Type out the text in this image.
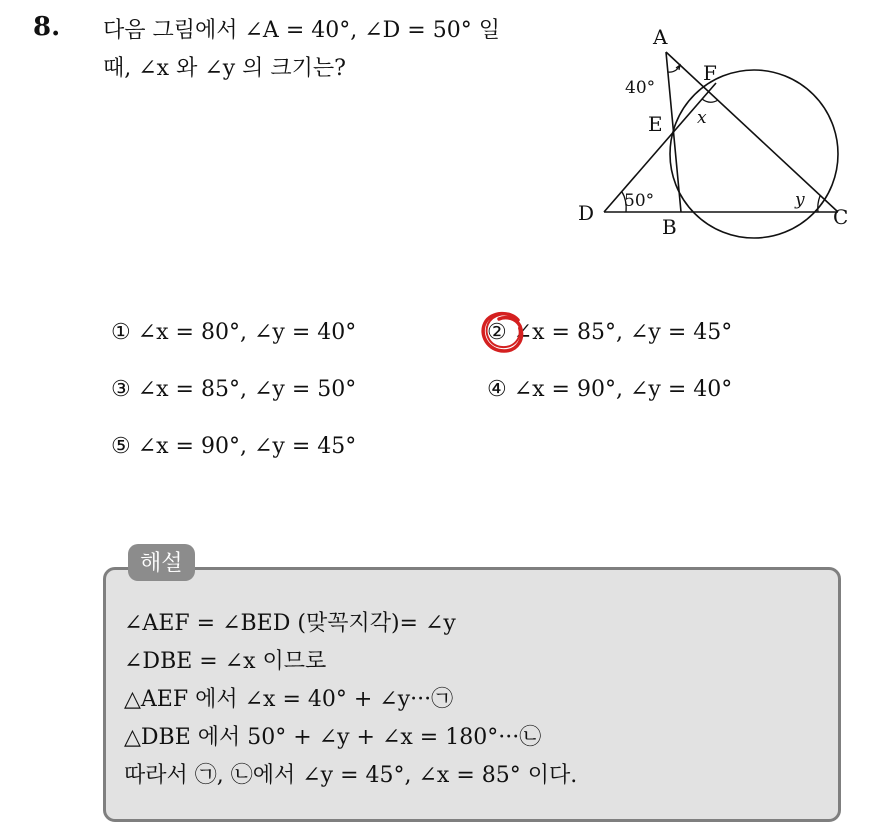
8. 다음 그림에서 ∠A = 40°, ∠D = 50° 일
때, ∠x 와 ∠y 의 크기는?
A
F
E
D
B	C
40°
50°
x
y
① ∠x = 80°, ∠y = 40°	② ∠x = 85°, ∠y = 45°
③ ∠x = 85°, ∠y = 50°	④ ∠x = 90°, ∠y = 40°
⑤ ∠x = 90°, ∠y = 45°
해설
∠AEF = ∠BED (맞꼭지각)= ∠y
∠DBE = ∠x 이므로
△AEF 에서 ∠x = 40° + ∠y···㉠
△DBE 에서 50° + ∠y + ∠x = 180°···㉡
따라서 ㉠, ㉡에서 ∠y = 45°, ∠x = 85° 이다.
